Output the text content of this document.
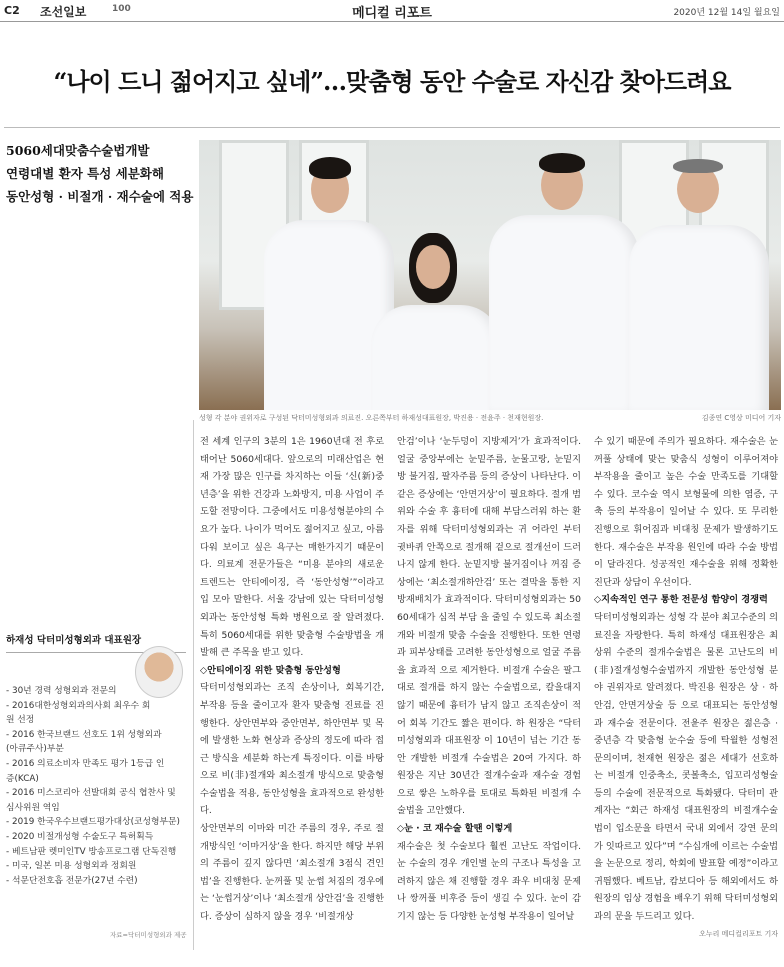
C2 조선일보	100	메디컬 리포트	2020년 12월 14일 월요일
“나이 드니 젊어지고 싶네”…맞춤형 동안 수술로 자신감 찾아드려요
5060세대맞춤수술법개발
연령대별 환자 특성 세분화해
동안성형 · 비절개 · 재수술에 적용
성형 각 분야 권위자로 구성된 닥터미성형외과 의료진. 오른쪽부터 하재성대표원장, 박진용 · 전윤주 · 천재현원장.	김종연 C영상 미디어 기자
하재성 닥터미성형외과 대표원장
- 30년 경력 성형외과 전문의
- 2016대한성형외과의사회 최우수 회원 선정
- 2016 한국브랜드 선호도 1위 성형외과 (아큐주사)부분
- 2016 의료소비자 만족도 평가 1등급 인증(KCA)
- 2016 미스코리아 선발대회 공식 협찬사 및 심사위원 역임
- 2019 한국우수브랜드평가대상(코성형부문)
- 2020 비절개성형 수술도구 특허획득
- 베트남판 렛미인TV 방송프로그램 단독진행
- 미국, 일본 미용 성형외과 정회원
- 석문단전호흡 전문가(27년 수련)
자료=닥터미성형외과 제공

전 세계 인구의 3분의 1은 1960년대 전 후로 태어난 5060세대다. 앞으로의 미래산업은 현재 가장 많은 인구를 차지하는 이들 ‘신(新)중년층’을 위한 건강과 노화방지, 미용 사업이 주도할 전망이다. 그중에서도 미용성형분야의 수요가 높다. 나이가 먹어도 젊어지고 싶고, 아름다워 보이고 싶은 욕구는 매한가지기 때문이다. 의료계 전문가들은 “미용 분야의 새로운 트렌드는 안티에이징, 즉 ‘동안성형’”이라고 입 모아 말한다. 서울 강남에 있는 닥터미성형외과는 동안성형 특화 병원으로 잘 알려졌다. 특히 5060세대를 위한 맞춤형 수술방법을 개발해 큰 주목을 받고 있다.

◇안티에이징 위한 맞춤형 동안성형

닥터미성형외과는 조직 손상이나, 회복기간, 부작용 등을 줄이고자 환자 맞춤형 진료를 진행한다. 상안면부와 중안면부, 하안면부 및 목에 발생한 노화 현상과 증상의 정도에 따라 접근 방식을 세분화 하는게 특징이다. 이를 바탕으로 비(非)절개와 최소절개 방식으로 맞춤형 수술법을 적용, 동안성형을 효과적으로 완성한다.

상안면부의 이마와 미간 주름의 경우, 주로 절개방식인 ‘이마거상’을 한다. 하지만 해당 부위의 주름이 깊지 않다면 ‘최소절개 3점식 견인법’을 진행한다. 눈꺼풀 및 눈썹 처짐의 경우에는 ‘눈썹거상’이나 ‘최소절개 상안검’을 진행한다. 증상이 심하지 않을 경우 ‘비절개상

안검’이나 ‘눈두덩이 지방제거’가 효과적이다. 얼굴 중앙부에는 눈밑주름, 눈물고랑, 눈밑지방 불거짐, 팔자주름 등의 증상이 나타난다. 이 같은 증상에는 ‘안면거상’이 필요하다. 절개 범위와 수술 후 흉터에 대해 부담스러워 하는 환자를 위해 닥터미성형외과는 귀 어라인 부터 귓바퀴 안쪽으로 절개해 겉으로 절개선이 드러나지 않게 한다. 눈밑지방 불거짐이나 꺼짐 증상에는 ‘최소절개하안검’ 또는 결막을 통한 지방재배치가 효과적이다. 닥터미성형외과는 5060세대가 심적 부담 을 줄일 수 있도록 최소절개와 비절개 맞춤 수술을 진행한다. 또한 연령과 피부상태를 고려한 동안성형으로 얼굴 주름을 효과적 으로 제거한다. 비절개 수술은 팔그대로 절개를 하지 않는 수술법으로, 칼을대지 않기 때문에 흉터가 남지 않고 조직손상이 적어 회복 기간도 짧은 편이다. 하 원장은 “닥터미성형외과 대표원장 이 10년이 넘는 기간 동안 개발한 비절개 수술법은 20여 가지다. 하 원장은 지난 30년간 절개수술과 재수술 경험으로 쌓은 노하우를 토대로 특화된 비절개 수술법을 고안했다.

◇눈 · 코 재수술 할땐 이렇게

재수술은 첫 수술보다 훨씬 고난도 작업이다. 눈 수술의 경우 개인별 눈의 구조나 특성을 고려하지 않은 채 진행할 경우 좌우 비대칭 문제나 쌍꺼풀 비후증 등이 생길 수 있다. 눈이 감기지 않는 등 다양한 눈성형 부작용이 일어날

수 있기 때문에 주의가 필요하다. 재수술은 눈꺼풀 상태에 맞는 맞춤식 성형이 이루어져야 부작용을 줄이고 높은 수술 만족도를 기대할 수 있다. 코수술 역시 보형물에 의한 염증, 구축 등의 부작용이 일어날 수 있다. 또 무리한 진행으로 휘어짐과 비대칭 문제가 발생하기도 한다. 재수술은 부작용 원인에 따라 수술 방법이 달라진다. 성공적인 재수술을 위해 정확한 진단과 상담이 우선이다.

◇지속적인 연구 통한 전문성 함양이 경쟁력

닥터미성형외과는 성형 각 분야 최고수준의 의료진을 자랑한다. 특히 하재성 대표원장은 최상위 수준의 절개수술법은 물론 고난도의 비(非)절개성형수술법까지 개발한 동안성형 분야 권위자로 알려졌다. 박진용 원장은 상 · 하안검, 안면거상술 등 으로 대표되는 동안성형과 재수술 전문이다. 전윤주 원장은 젊은층 · 중년층 각 맞춤형 눈수술 등에 탁월한 성형전문의이며, 천재현 원장은 젊은 세대가 선호하는 비절개 인중축소, 콧볼축소, 입꼬리성형술등의 수술에 전문적으로 특화됐다. 닥터미 관계자는 “회근 하재성 대표원장의 비절개수술법이 입소문을 타면서 국내 외에서 강연 문의가 잇따르고 있다”며 “수십개에 이르는 수술법을 논문으로 정리, 학회에 발표할 예정”이라고 귀띔했다. 베트남, 캄보디아 등 해외에서도 하 원장의 임상 경험을 배우기 위해 닥터미성형외과의 문을 두드리고 있다.

오누리 메디컬리포트 기자
